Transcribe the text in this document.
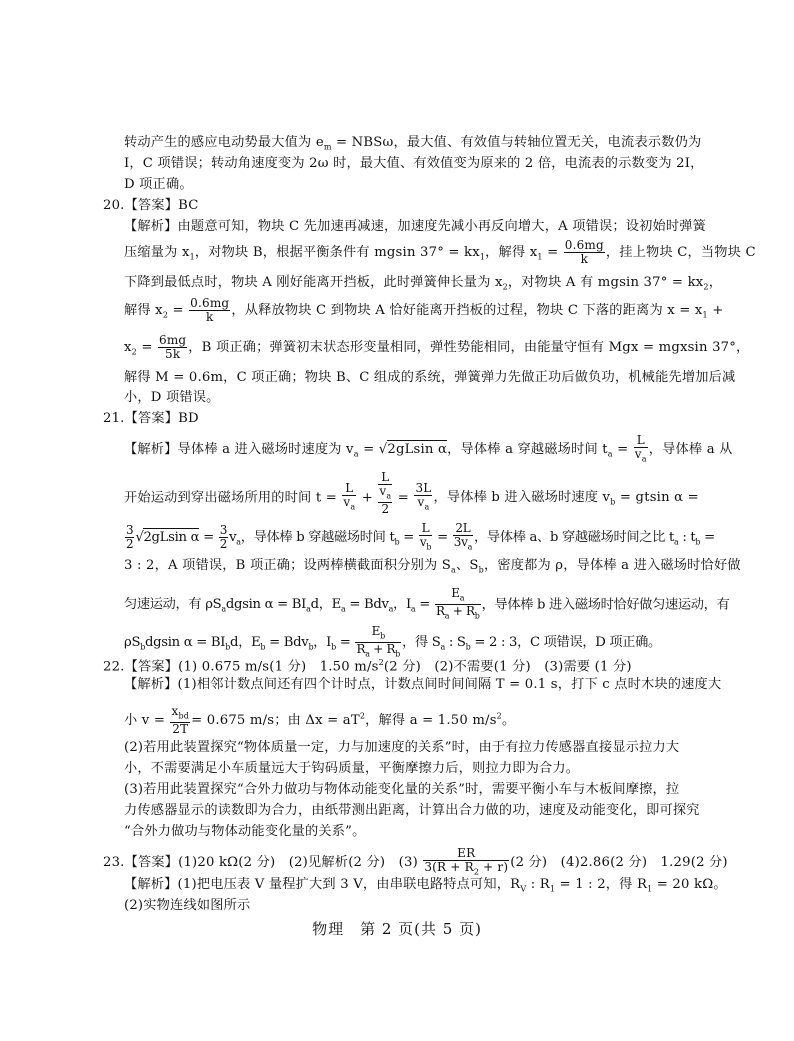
转动产生的感应电动势最大值为 $e_m = NBS\omega$，最大值、有效值与转轴位置无关，电流表示数仍为
I，C 项错误；转动角速度变为 2ω 时，最大值、有效值变为原来的 2 倍，电流表的示数变为 2I，
D 项正确。
20.【答案】BC
【解析】由题意可知，物块 C 先加速再减速，加速度先减小再反向增大，A 项错误；设初始时弹簧
压缩量为 $x_1$，对物块 B，根据平衡条件有 mgsin $37^\circ = kx_1$，解得 $x_1 = \frac{0.6mg}{k}$ ，挂上物块 C，当物块 C
下降到最低点时，物块 A 刚好能离开挡板，此时弹簧伸长量为 $x_2$，对物块 A 有 mgsin $37^\circ = kx_2$，
解得 $x_2 = \frac{0.6mg}{k}$ ，从释放物块 C 到物块 A 恰好能离开挡板的过程，物块 C 下落的距离为 $x = x_1$ +
$x_2 = \frac{6mg}{5k}$ ，B 项正确；弹簧初末状态形变量相同，弹性势能相同，由能量守恒有 Mgx = mgxsin 37°，
解得 M = 0.6m，C 项正确；物块 B、C 组成的系统，弹簧弹力先做正功后做负功，机械能先增加后减
小，D 项错误。
21.【答案】BD
【解析】导体棒 a 进入磁场时速度为 $v_a = √2gLsin$ α，导体棒 a 穿越磁场时间 $t_a = \frac{L}{v_a}$ ，导体棒 a 从
开始运动到穿出磁场所用的时间 $t = \frac{L}{v_a}$ +
L
$v_a$
2
= $\frac{3L}{v_a}$ ，导体棒 b 进入磁场时速度 $v_b = gtsin$ α =
$\frac{3}{2} √2gLsin$ $\alpha = \frac{3}{2} v_a$，导体棒 b 穿越磁场时间 $t_b = \frac{L}{v_b} = \frac{2L}{3v_a}$ ，导体棒 a、b 穿越磁场时间之比 $t_a$ : $t_b$ =
3 : 2，A 项错误，B 项正确；设两棒横截面积分别为 $S_a$、$S_b$，密度都为 ρ，导体棒 a 进入磁场时恰好做
匀速运动，有 $\rho S_adgsin$ $\alpha = BI_ad$，$E_a = Bdv_a$，$I_a = \frac{E_a}{R_a + R_b}$ ，导体棒 b 进入磁场时恰好做匀速运动，有
$\rho S_bdgsin$ $\alpha = BI_bd$，$E_b = Bdv_b$，$I_b = \frac{E_b}{R_a + R_b}$ ，得 $S_a$ : $S_b = 2$ : 3，C 项错误，D 项正确。
22.【答案】(1) 0.675 m/s(1 分)　1.50 $m/s^2(2$ 分)　(2)不需要(1 分)　(3)需要 (1 分)
【解析】(1)相邻计数点间还有四个计时点，计数点间时间间隔 T = 0.1 s，打下 c 点时木块的速度大
小 $v = \frac{x_{bd}}{2T} = 0.675$ m/s；由 $\Delta x = aT^2$，解得 a = 1.50 $m/s^2$。
(2)若用此装置探究“物体质量一定，力与加速度的关系”时，由于有拉力传感器直接显示拉力大
小，不需要满足小车质量远大于钩码质量，平衡摩擦力后，则拉力即为合力。
(3)若用此装置探究“合外力做功与物体动能变化量的关系”时，需要平衡小车与木板间摩擦，拉
力传感器显示的读数即为合力，由纸带测出距离，计算出合力做的功，速度及动能变化，即可探究
“合外力做功与物体动能变化量的关系”。
23.【答案】(1)20 kΩ(2 分)　(2)见解析(2 分)　$(3) \frac{ER}{3(R + R_2 + r)} (2$ 分)　(4)2.86(2 分)　1.29(2 分)
【解析】(1)把电压表 V 量程扩大到 3 V，由串联电路特点可知，$R_V$ : $R_1 = 1$ : 2，得 $R_1 = 20$ kΩ。
(2)实物连线如图所示
物理　第 2 页(共 5 页)
